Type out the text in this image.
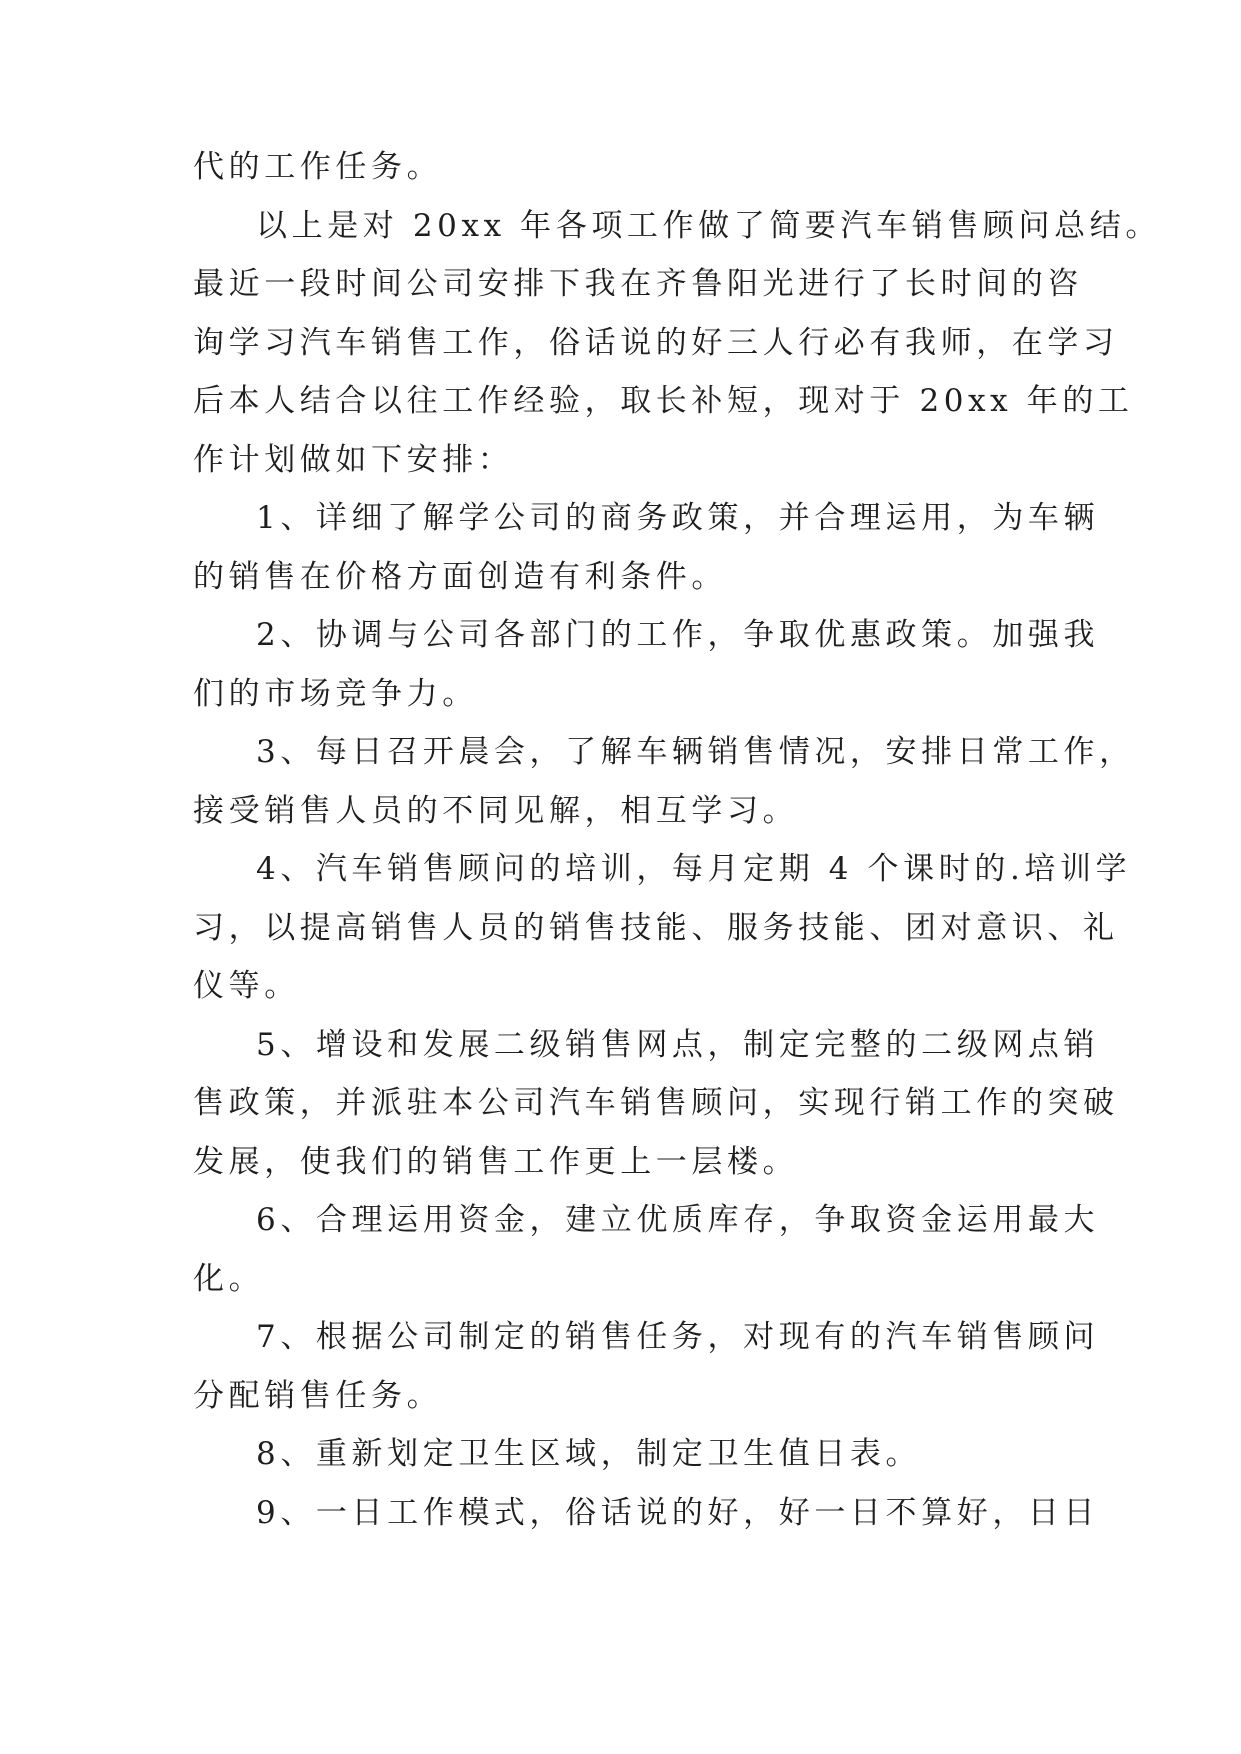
代的工作任务。
以上是对 20xx 年各项工作做了简要汽车销售顾问总结。
最近一段时间公司安排下我在齐鲁阳光进行了长时间的咨
询学习汽车销售工作，俗话说的好三人行必有我师，在学习
后本人结合以往工作经验，取长补短，现对于 20xx 年的工
作计划做如下安排：
1、详细了解学公司的商务政策，并合理运用，为车辆
的销售在价格方面创造有利条件。
2、协调与公司各部门的工作，争取优惠政策。加强我
们的市场竞争力。
3、每日召开晨会，了解车辆销售情况，安排日常工作，
接受销售人员的不同见解，相互学习。
4、汽车销售顾问的培训，每月定期 4 个课时的.培训学
习，以提高销售人员的销售技能、服务技能、团对意识、礼
仪等。
5、增设和发展二级销售网点，制定完整的二级网点销
售政策，并派驻本公司汽车销售顾问，实现行销工作的突破
发展，使我们的销售工作更上一层楼。
6、合理运用资金，建立优质库存，争取资金运用最大
化。
7、根据公司制定的销售任务，对现有的汽车销售顾问
分配销售任务。
8、重新划定卫生区域，制定卫生值日表。
9、一日工作模式，俗话说的好，好一日不算好，日日
